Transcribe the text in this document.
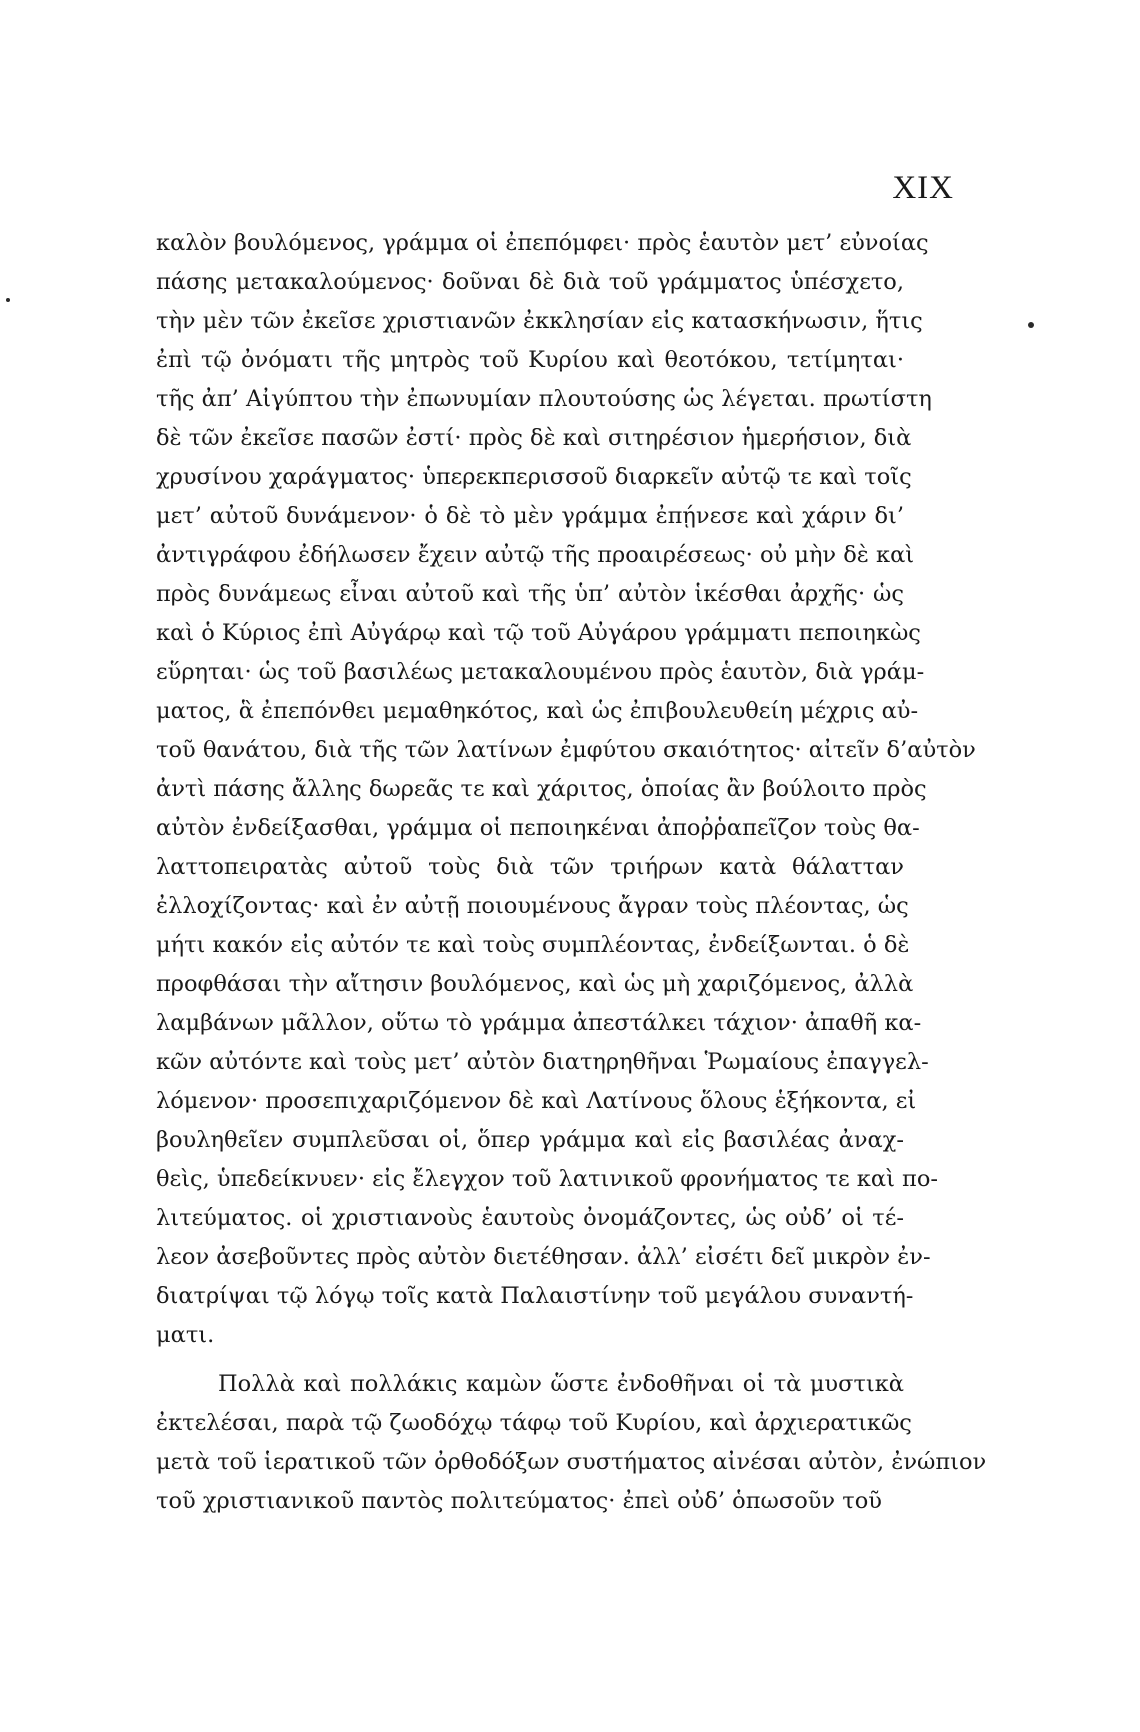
XIX
καλὸν βουλόμενος, γράμμα οἱ ἐπεπόμφει· πρὸς ἑαυτὸν μετ’ εὐνοίας
πάσης μετακαλούμενος· δοῦναι δὲ διὰ τοῦ γράμματος ὑπέσχετο,
τὴν μὲν τῶν ἐκεῖσε χριστιανῶν ἐκκλησίαν εἰς κατασκήνωσιν, ἥτις
ἐπὶ τῷ ὀνόματι τῆς μητρὸς τοῦ Κυρίου καὶ θεοτόκου, τετίμηται·
τῆς ἀπ’ Αἰγύπτου τὴν ἐπωνυμίαν πλουτούσης ὡς λέγεται. πρωτίστη
δὲ τῶν ἐκεῖσε πασῶν ἐστί· πρὸς δὲ καὶ σιτηρέσιον ἡμερήσιον, διὰ
χρυσίνου χαράγματος· ὑπερεκπερισσοῦ διαρκεῖν αὐτῷ τε καὶ τοῖς
μετ’ αὐτοῦ δυνάμενον· ὁ δὲ τὸ μὲν γράμμα ἐπῄνεσε καὶ χάριν δι’
ἀντιγράφου ἐδήλωσεν ἔχειν αὐτῷ τῆς προαιρέσεως· οὐ μὴν δὲ καὶ
πρὸς δυνάμεως εἶναι αὐτοῦ καὶ τῆς ὑπ’ αὐτὸν ἱκέσθαι ἀρχῆς· ὡς
καὶ ὁ Κύριος ἐπὶ Αὐγάρῳ καὶ τῷ τοῦ Αὐγάρου γράμματι πεποιηκὼς
εὕρηται· ὡς τοῦ βασιλέως μετακαλουμένου πρὸς ἑαυτὸν, διὰ γράμ-
ματος, ἃ ἐπεπόνθει μεμαθηκότος, καὶ ὡς ἐπιβουλευθείη μέχρις αὐ-
τοῦ θανάτου, διὰ τῆς τῶν λατίνων ἐμφύτου σκαιότητος· αἰτεῖν δ’αὐτὸν
ἀντὶ πάσης ἄλλης δωρεᾶς τε καὶ χάριτος, ὁποίας ἂν βούλοιτο πρὸς
αὐτὸν ἐνδείξασθαι, γράμμα οἱ πεποιηκέναι ἀποῤῥαπεῖζον τοὺς θα-
λαττοπειρατὰς αὐτοῦ τοὺς διὰ τῶν τριήρων κατὰ θάλατταν
ἐλλοχίζοντας· καὶ ἐν αὐτῇ ποιουμένους ἄγραν τοὺς πλέοντας, ὡς
μήτι κακόν εἰς αὐτόν τε καὶ τοὺς συμπλέοντας, ἐνδείξωνται. ὁ δὲ
προφθάσαι τὴν αἴτησιν βουλόμενος, καὶ ὡς μὴ χαριζόμενος, ἀλλὰ
λαμβάνων μᾶλλον, οὕτω τὸ γράμμα ἀπεστάλκει τάχιον· ἀπαθῆ κα-
κῶν αὐτόντε καὶ τοὺς μετ’ αὐτὸν διατηρηθῆναι Ῥωμαίους ἐπαγγελ-
λόμενον· προσεπιχαριζόμενον δὲ καὶ Λατίνους ὅλους ἑξήκοντα, εἰ
βουληθεῖεν συμπλεῦσαι οἱ, ὅπερ γράμμα καὶ εἰς βασιλέας ἀναχ-
θεὶς, ὑπεδείκνυεν· εἰς ἔλεγχον τοῦ λατινικοῦ φρονήματος τε καὶ πο-
λιτεύματος. οἱ χριστιανοὺς ἑαυτοὺς ὀνομάζοντες, ὡς οὐδ’ οἱ τέ-
λεον ἀσεβοῦντες πρὸς αὐτὸν διετέθησαν. ἀλλ’ εἰσέτι δεῖ μικρὸν ἐν-
διατρίψαι τῷ λόγῳ τοῖς κατὰ Παλαιστίνην τοῦ μεγάλου συναντή-
ματι.
Πολλὰ καὶ πολλάκις καμὼν ὥστε ἐνδοθῆναι οἱ τὰ μυστικὰ
ἐκτελέσαι, παρὰ τῷ ζωοδόχῳ τάφῳ τοῦ Κυρίου, καὶ ἀρχιερατικῶς
μετὰ τοῦ ἱερατικοῦ τῶν ὀρθοδόξων συστήματος αἰνέσαι αὐτὸν, ἐνώπιον
τοῦ χριστιανικοῦ παντὸς πολιτεύματος· ἐπεὶ οὐδ’ ὁπωσοῦν τοῦ
